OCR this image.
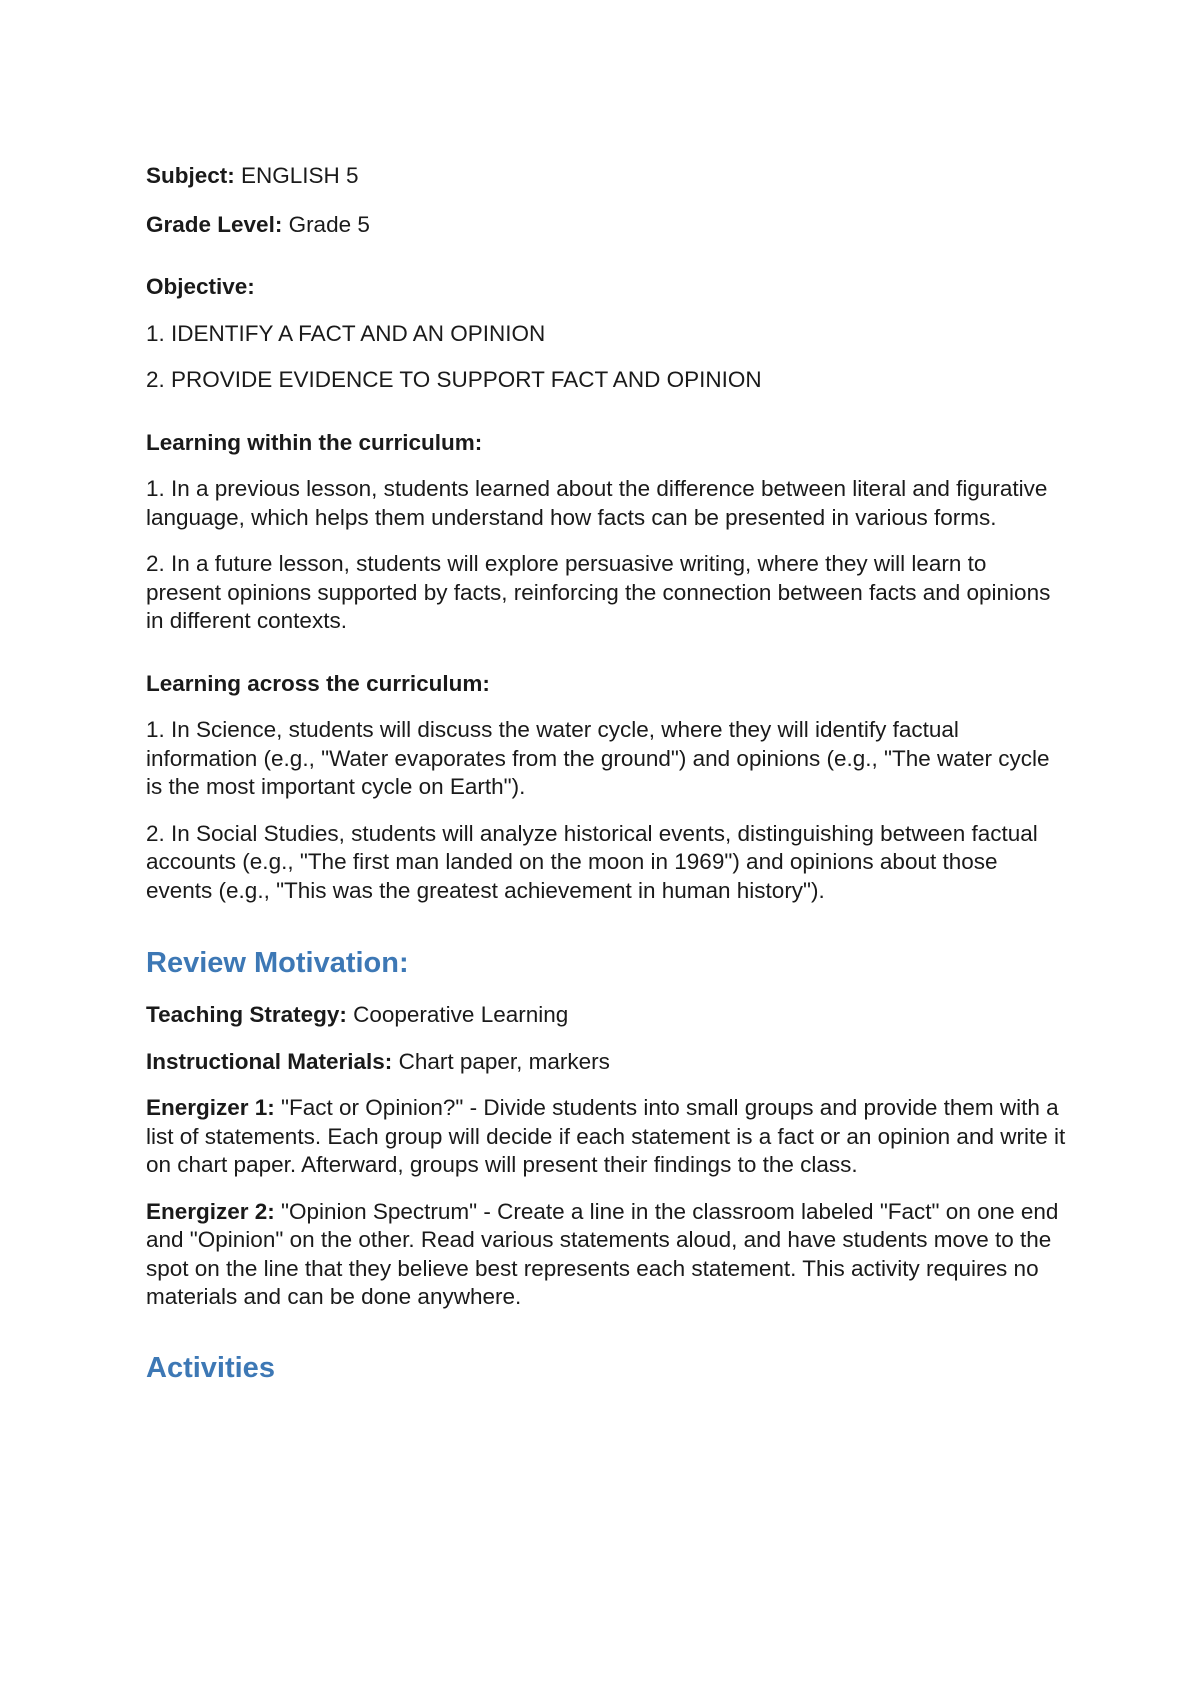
Subject: ENGLISH 5

Grade Level: Grade 5

Objective:

1. IDENTIFY A FACT AND AN OPINION

2. PROVIDE EVIDENCE TO SUPPORT FACT AND OPINION

Learning within the curriculum:

1. In a previous lesson, students learned about the difference between literal and figurative language, which helps them understand how facts can be presented in various forms.

2. In a future lesson, students will explore persuasive writing, where they will learn to present opinions supported by facts, reinforcing the connection between facts and opinions in different contexts.

Learning across the curriculum:

1. In Science, students will discuss the water cycle, where they will identify factual information (e.g., "Water evaporates from the ground") and opinions (e.g., "The water cycle is the most important cycle on Earth").

2. In Social Studies, students will analyze historical events, distinguishing between factual accounts (e.g., "The first man landed on the moon in 1969") and opinions about those events (e.g., "This was the greatest achievement in human history").

Review Motivation:

Teaching Strategy: Cooperative Learning

Instructional Materials: Chart paper, markers

Energizer 1: "Fact or Opinion?" - Divide students into small groups and provide them with a list of statements. Each group will decide if each statement is a fact or an opinion and write it on chart paper. Afterward, groups will present their findings to the class.

Energizer 2: "Opinion Spectrum" - Create a line in the classroom labeled "Fact" on one end and "Opinion" on the other. Read various statements aloud, and have students move to the spot on the line that they believe best represents each statement. This activity requires no materials and can be done anywhere.

Activities
